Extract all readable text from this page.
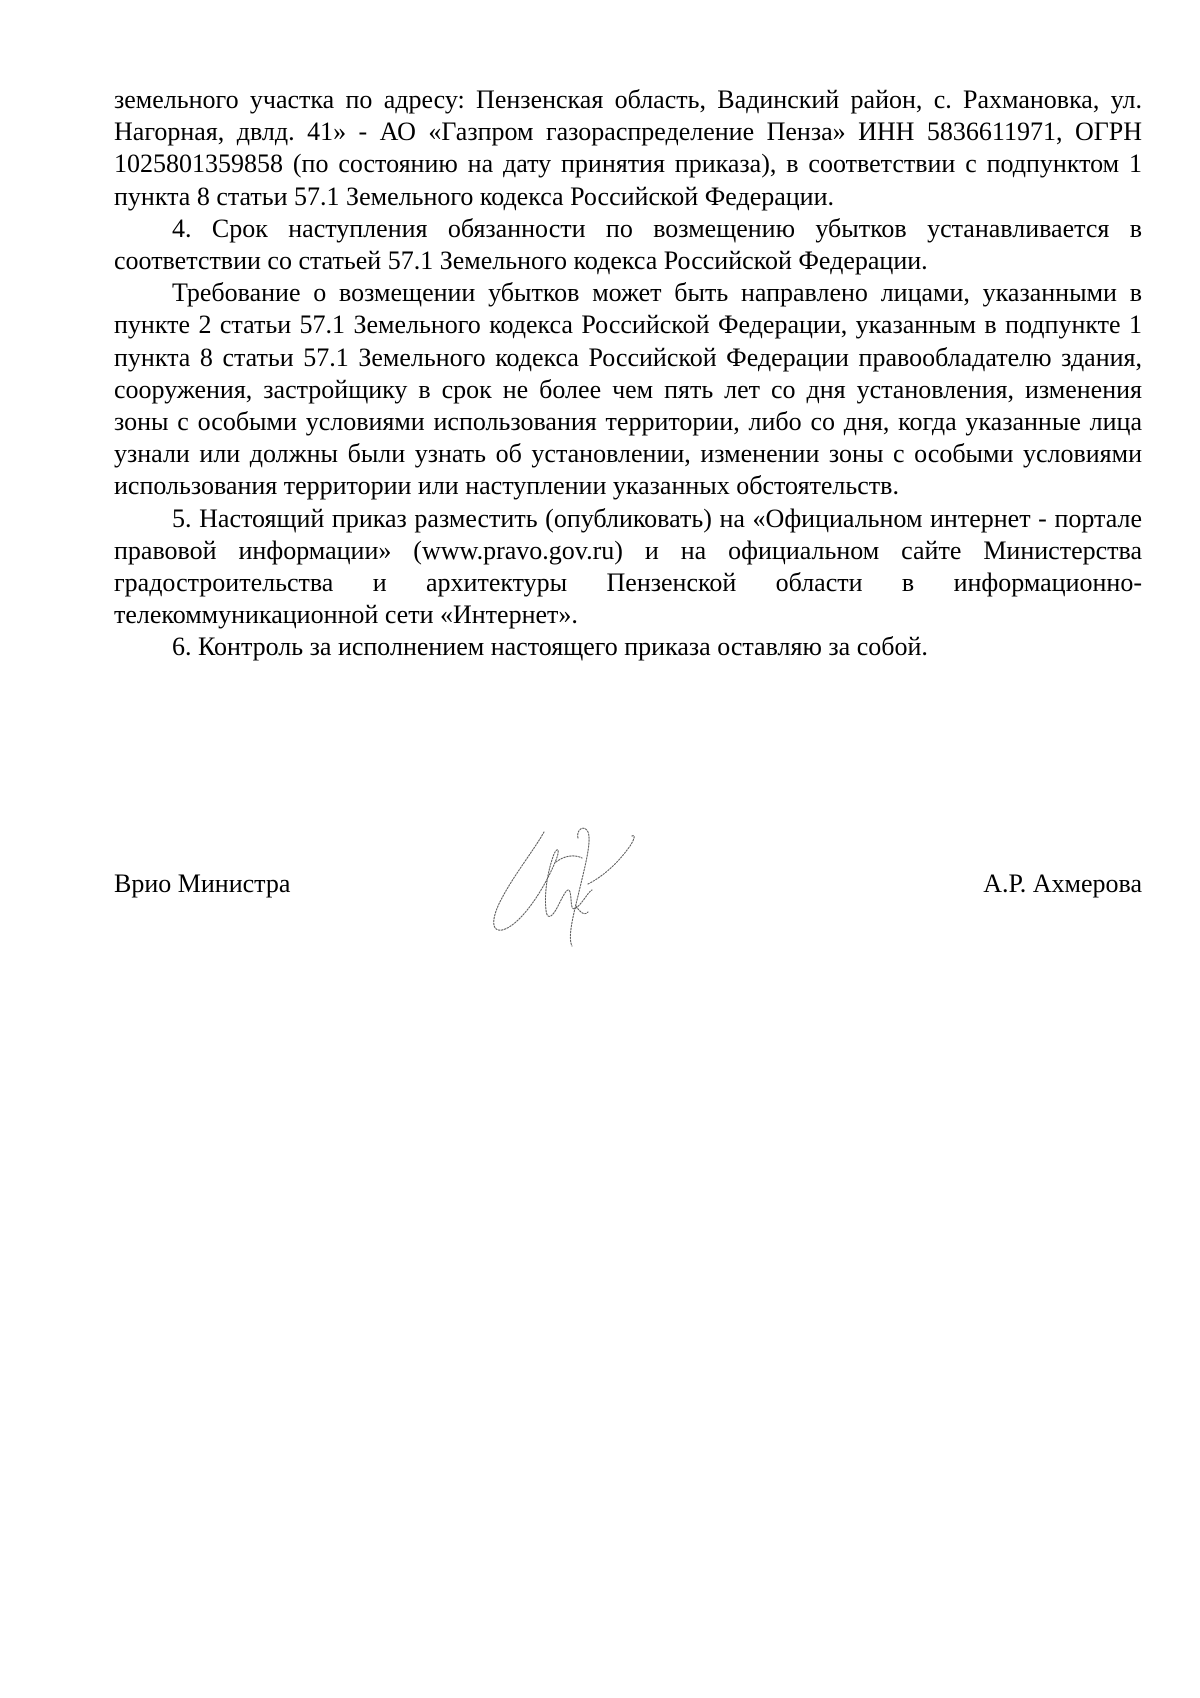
земельного участка по адресу: Пензенская область, Вадинский район, с. Рахмановка, ул. Нагорная, двлд. 41» - АО «Газпром газораспределение Пенза» ИНН 5836611971, ОГРН 1025801359858 (по состоянию на дату принятия приказа), в соответствии с подпунктом 1 пункта 8 статьи 57.1 Земельного кодекса Российской Федерации.

4. Срок наступления обязанности по возмещению убытков устанавливается в соответствии со статьей 57.1 Земельного кодекса Российской Федерации.

Требование о возмещении убытков может быть направлено лицами, указанными в пункте 2 статьи 57.1 Земельного кодекса Российской Федерации, указанным в подпункте 1 пункта 8 статьи 57.1 Земельного кодекса Российской Федерации правообладателю здания, сооружения, застройщику в срок не более чем пять лет со дня установления, изменения зоны с особыми условиями использования территории, либо со дня, когда указанные лица узнали или должны были узнать об установлении, изменении зоны с особыми условиями использования территории или наступлении указанных обстоятельств.

5. Настоящий приказ разместить (опубликовать) на «Официальном интернет - портале правовой информации» (www.pravo.gov.ru) и на официальном сайте Министерства градостроительства и архитектуры Пензенской области в информационно-телекоммуникационной сети «Интернет».

6. Контроль за исполнением настоящего приказа оставляю за собой.

Врио Министра	А.Р. Ахмерова
